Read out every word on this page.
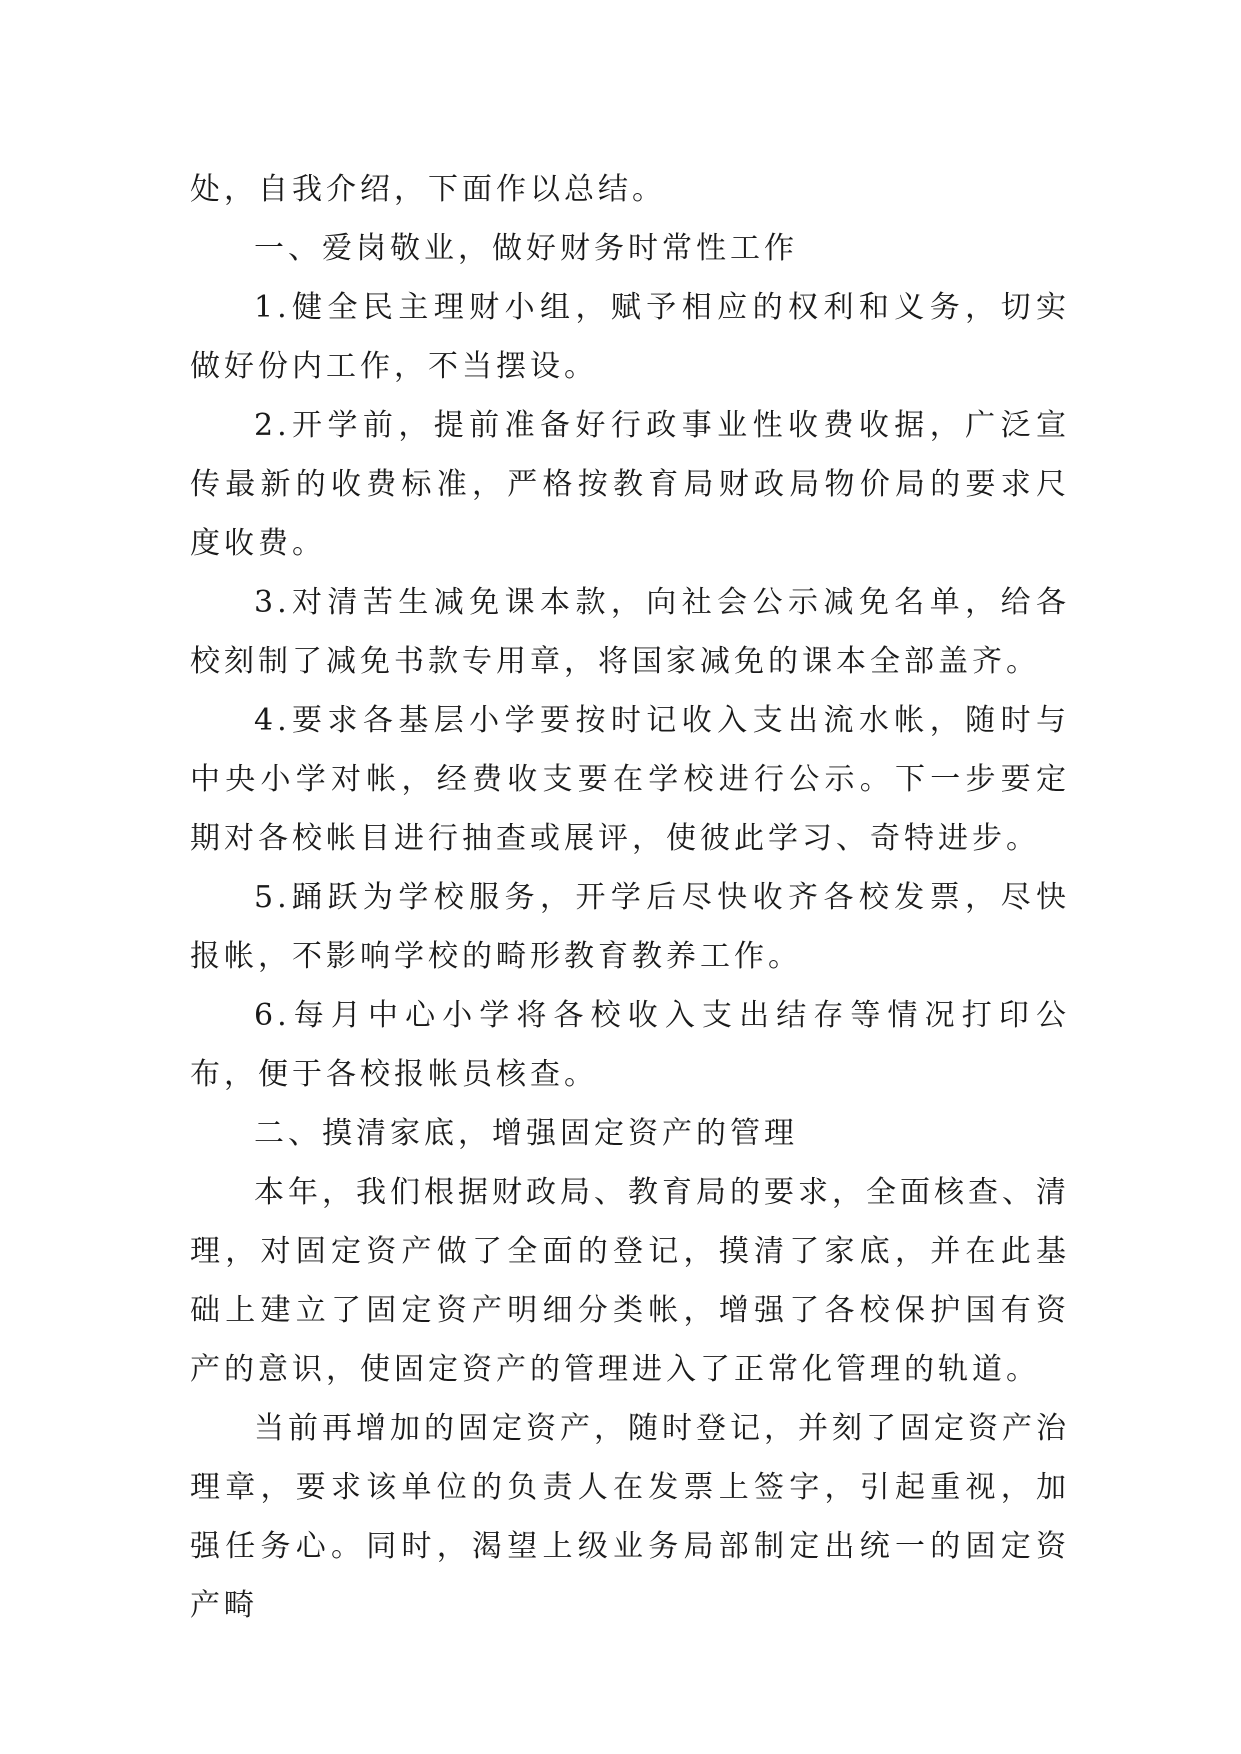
处，自我介绍，下面作以总结。

一、爱岗敬业，做好财务时常性工作

1.健全民主理财小组，赋予相应的权利和义务，切实做好份内工作，不当摆设。

2.开学前，提前准备好行政事业性收费收据，广泛宣传最新的收费标准，严格按教育局财政局物价局的要求尺度收费。

3.对清苦生减免课本款，向社会公示减免名单，给各校刻制了减免书款专用章，将国家减免的课本全部盖齐。

4.要求各基层小学要按时记收入支出流水帐，随时与中央小学对帐，经费收支要在学校进行公示。下一步要定期对各校帐目进行抽查或展评，使彼此学习、奇特进步。

5.踊跃为学校服务，开学后尽快收齐各校发票，尽快报帐，不影响学校的畸形教育教养工作。

6.每月中心小学将各校收入支出结存等情况打印公布，便于各校报帐员核查。

二、摸清家底，增强固定资产的管理

本年，我们根据财政局、教育局的要求，全面核查、清理，对固定资产做了全面的登记，摸清了家底，并在此基础上建立了固定资产明细分类帐，增强了各校保护国有资产的意识，使固定资产的管理进入了正常化管理的轨道。

当前再增加的固定资产，随时登记，并刻了固定资产治理章，要求该单位的负责人在发票上签字，引起重视，加强任务心。同时，渴望上级业务局部制定出统一的固定资产畸
